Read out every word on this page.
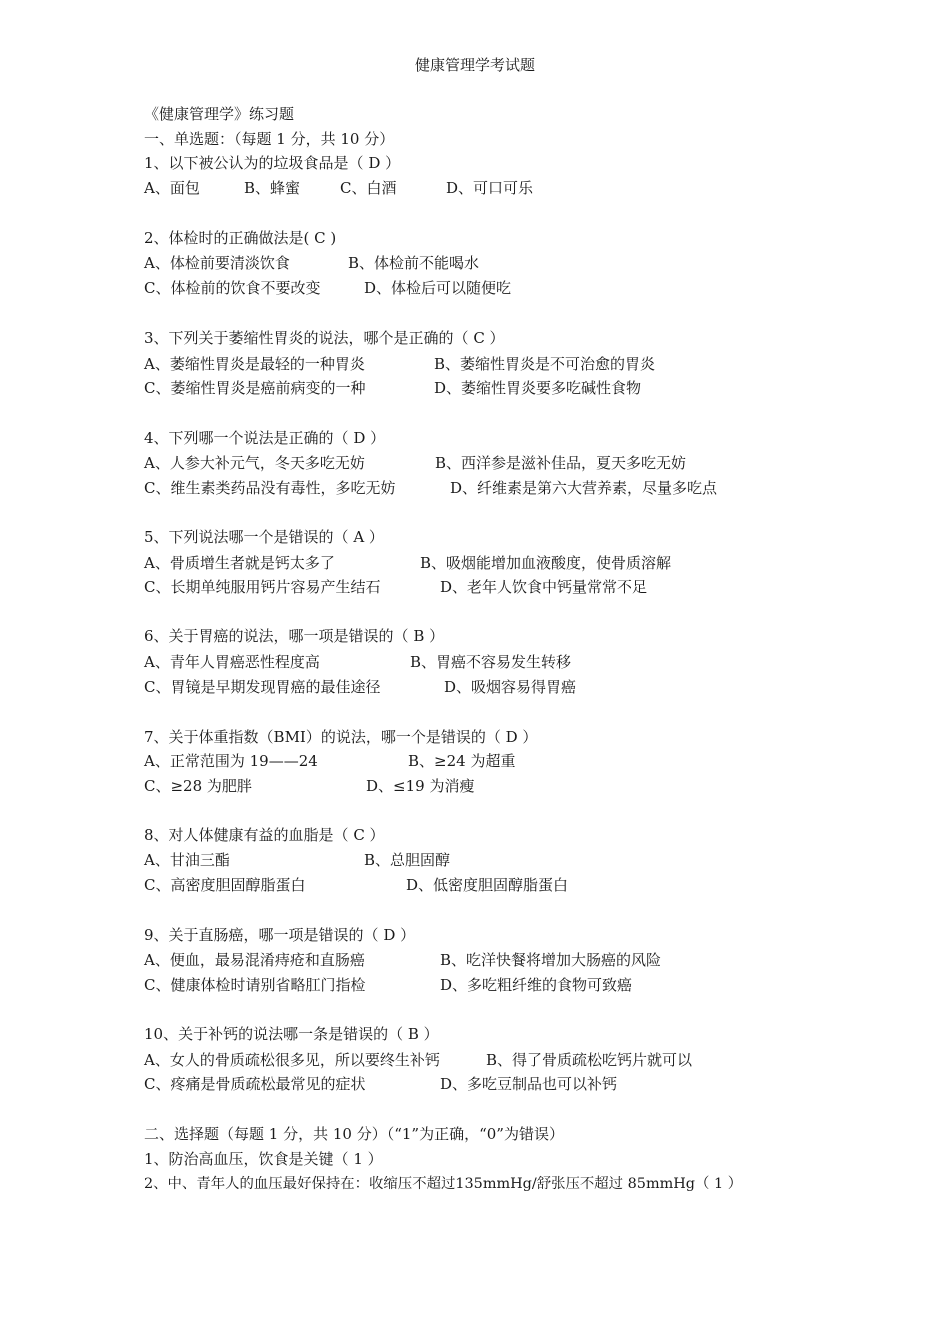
健康管理学考试题
《健康管理学》练习题
一、单选题：（每题 1 分，共 10 分）
1、以下被公认为的垃圾食品是（ D ）
A、面包	B、蜂蜜	C、白酒	D、可口可乐
2、体检时的正确做法是( C )
A、体检前要清淡饮食	B、体检前不能喝水
C、体检前的饮食不要改变	D、体检后可以随便吃
3、下列关于萎缩性胃炎的说法，哪个是正确的（ C ）
A、萎缩性胃炎是最轻的一种胃炎	B、萎缩性胃炎是不可治愈的胃炎
C、萎缩性胃炎是癌前病变的一种	D、萎缩性胃炎要多吃碱性食物
4、下列哪一个说法是正确的（ D ）
A、人参大补元气，冬天多吃无妨	B、西洋参是滋补佳品，夏天多吃无妨
C、维生素类药品没有毒性，多吃无妨	D、纤维素是第六大营养素，尽量多吃点
5、下列说法哪一个是错误的（ A ）
A、骨质增生者就是钙太多了	B、吸烟能增加血液酸度，使骨质溶解
C、长期单纯服用钙片容易产生结石	D、老年人饮食中钙量常常不足
6、关于胃癌的说法，哪一项是错误的（ B ）
A、青年人胃癌恶性程度高	B、胃癌不容易发生转移
C、胃镜是早期发现胃癌的最佳途径	D、吸烟容易得胃癌
7、关于体重指数（BMI）的说法，哪一个是错误的（ D ）
A、正常范围为 19——24	B、≥24 为超重
C、≥28 为肥胖	D、≤19 为消瘦
8、对人体健康有益的血脂是（ C ）
A、甘油三酯	B、总胆固醇
C、高密度胆固醇脂蛋白	D、低密度胆固醇脂蛋白
9、关于直肠癌，哪一项是错误的（ D ）
A、便血，最易混淆痔疮和直肠癌	B、吃洋快餐将增加大肠癌的风险
C、健康体检时请别省略肛门指检	D、多吃粗纤维的食物可致癌
10、关于补钙的说法哪一条是错误的（ B ）
A、女人的骨质疏松很多见，所以要终生补钙	B、得了骨质疏松吃钙片就可以
C、疼痛是骨质疏松最常见的症状	D、多吃豆制品也可以补钙
二、选择题（每题 1 分，共 10 分）（“1”为正确，“0”为错误）
1、防治高血压，饮食是关键（ 1 ）
2、中、青年人的血压最好保持在：收缩压不超过135mmHg/舒张压不超过 85mmHg（ 1 ）
